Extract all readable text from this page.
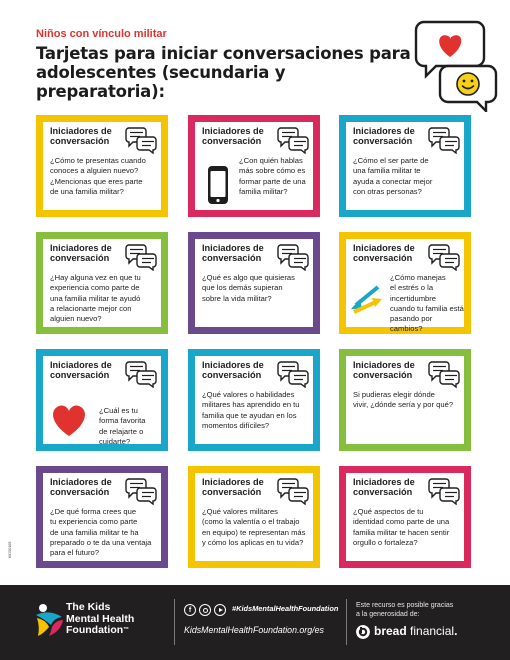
Niños con vínculo militar
Tarjetas para iniciar conversaciones para
adolescentes (secundaria y preparatoria):
Iniciadores de
conversación
¿Cómo te presentas cuando
conoces a alguien nuevo?
¿Mencionas que eres parte
de una familia militar?
Iniciadores de
conversación
¿Con quién hablas
más sobre cómo es
formar parte de una
familia militar?
Iniciadores de
conversación
¿Cómo el ser parte de
una familia militar te
ayuda a conectar mejor
con otras personas?
Iniciadores de
conversación
¿Hay alguna vez en que tu
experiencia como parte de
una familia militar te ayudó
a relacionarte mejor con
alguien nuevo?
Iniciadores de
conversación
¿Qué es algo que quisieras
que los demás supieran
sobre la vida militar?
Iniciadores de
conversación
¿Cómo manejas
el estrés o la
incertidumbre
cuando tu familia está
pasando por cambios?
Iniciadores de
conversación
¿Cuál es tu
forma favorita
de relajarte o
cuidarte?
Iniciadores de
conversación
¿Qué valores o habilidades
militares has aprendido en tu
familia que te ayudan en los
momentos difíciles?
Iniciadores de
conversación
Si pudieras elegir dónde
vivir, ¿dónde sería y por qué?
Iniciadores de
conversación
¿De qué forma crees que
tu experiencia como parte
de una familia militar te ha
preparado o te da una ventaja
para el futuro?
Iniciadores de
conversación
¿Qué valores militares
(como la valentía o el trabajo
en equipo) te representan más
y cómo los aplicas en tu vida?
Iniciadores de
conversación
¿Qué aspectos de tu
identidad como parte de una
familia militar te hacen sentir
orgullo o fortaleza?
KIDS0165
The Kids
Mental Health
Foundation™
f	#KidsMentalHealthFoundation
KidsMentalHealthFoundation.org/es
Este recurso es posible gracias
a la generosidad de:
bread financial.
